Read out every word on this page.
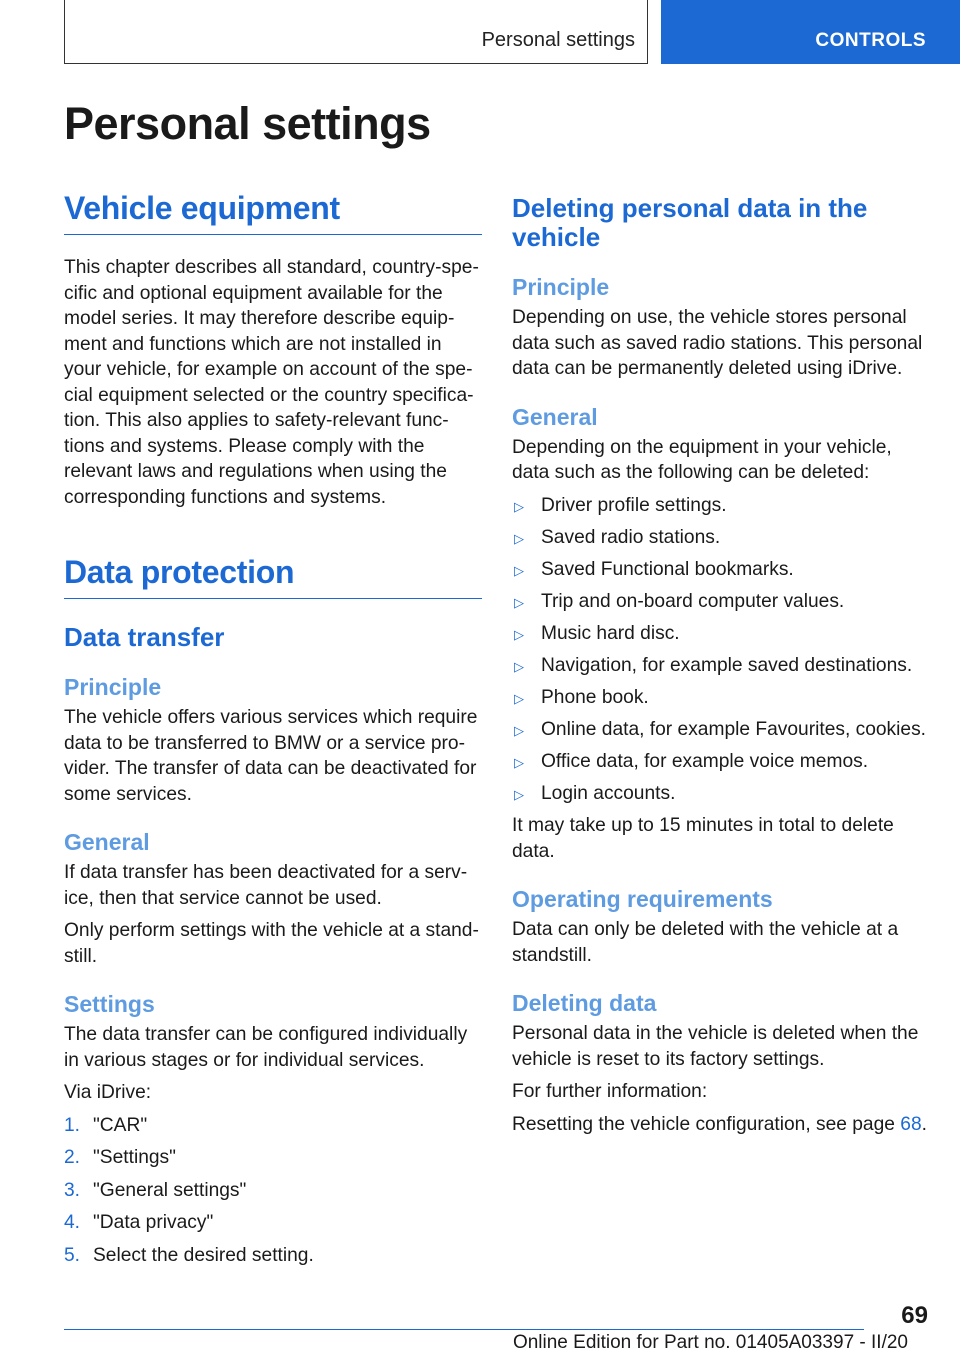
Personal settings	CONTROLS
Personal settings
Vehicle equipment

This chapter describes all standard, country-specific and optional equipment available for the model series. It may therefore describe equipment and functions which are not installed in your vehicle, for example on account of the special equipment selected or the country specification. This also applies to safety-relevant functions and systems. Please comply with the relevant laws and regulations when using the corresponding functions and systems.

Data protection
Data transfer
Principle

The vehicle offers various services which require data to be transferred to BMW or a service provider. The transfer of data can be deactivated for some services.

General

If data transfer has been deactivated for a service, then that service cannot be used.

Only perform settings with the vehicle at a standstill.

Settings

The data transfer can be configured individually in various stages or for individual services.

Via iDrive:

1. "CAR"
2. "Settings"
3. "General settings"
4. "Data privacy"
5. Select the desired setting.
Deleting personal data in the vehicle
Principle

Depending on use, the vehicle stores personal data such as saved radio stations. This personal data can be permanently deleted using iDrive.

General

Depending on the equipment in your vehicle, data such as the following can be deleted:

▷ Driver profile settings.
▷ Saved radio stations.
▷ Saved Functional bookmarks.
▷ Trip and on-board computer values.
▷ Music hard disc.
▷ Navigation, for example saved destinations.
▷ Phone book.
▷ Online data, for example Favourites, cookies.
▷ Office data, for example voice memos.
▷ Login accounts.

It may take up to 15 minutes in total to delete data.

Operating requirements

Data can only be deleted with the vehicle at a standstill.

Deleting data

Personal data in the vehicle is deleted when the vehicle is reset to its factory settings.

For further information:

Resetting the vehicle configuration, see page 68.

69
Online Edition for Part no. 01405A03397 - II/20
